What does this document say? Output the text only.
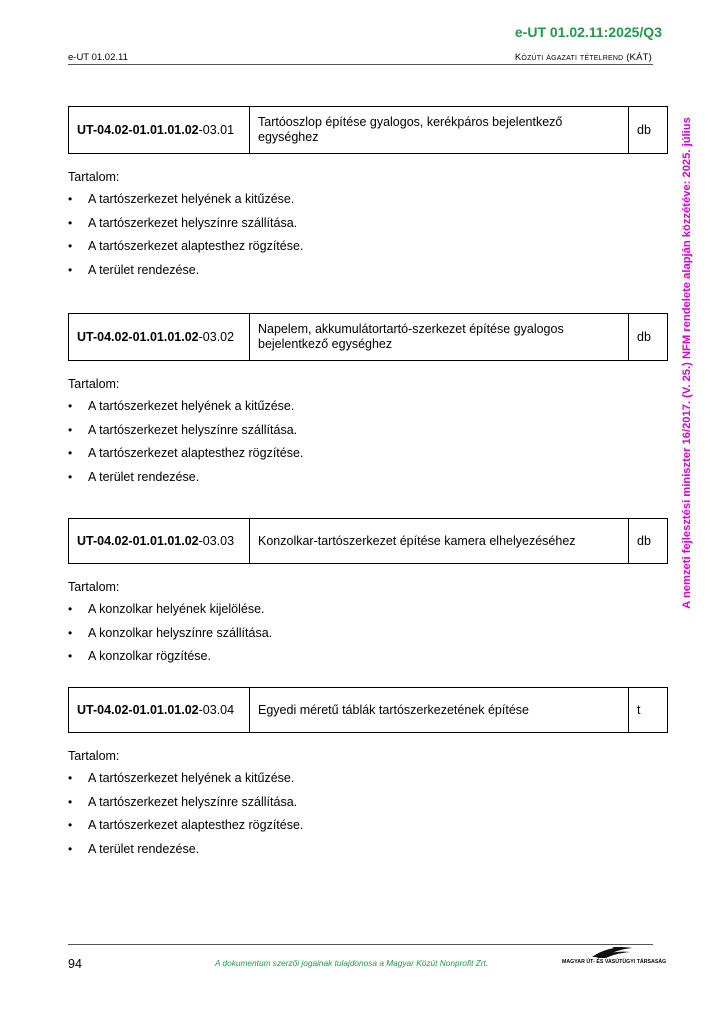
e-UT 01.02.11:2025/Q3
e-UT 01.02.11	Közúti ágazati tételrend (KÁT)
A nemzeti fejlesztési miniszter 16/2017. (V. 25.) NFM rendelete alapján közzétéve: 2025. július
UT-04.02-01.01.01.02-03.01	Tartóoszlop építése gyalogos, kerékpáros bejelentkező egységhez	db
Tartalom:
• A tartószerkezet helyének a kitűzése.
• A tartószerkezet helyszínre szállítása.
• A tartószerkezet alaptesthez rögzítése.
• A terület rendezése.
UT-04.02-01.01.01.02-03.02	Napelem, akkumulátortartó-szerkezet építése gyalogos bejelentkező egységhez	db
Tartalom:
• A tartószerkezet helyének a kitűzése.
• A tartószerkezet helyszínre szállítása.
• A tartószerkezet alaptesthez rögzítése.
• A terület rendezése.
UT-04.02-01.01.01.02-03.03	Konzolkar-tartószerkezet építése kamera elhelyezéséhez	db
Tartalom:
• A konzolkar helyének kijelölése.
• A konzolkar helyszínre szállítása.
• A konzolkar rögzítése.
UT-04.02-01.01.01.02-03.04	Egyedi méretű táblák tartószerkezetének építése	t
Tartalom:
• A tartószerkezet helyének a kitűzése.
• A tartószerkezet helyszínre szállítása.
• A tartószerkezet alaptesthez rögzítése.
• A terület rendezése.
94	A dokumentum szerzői jogainak tulajdonosa a Magyar Közút Nonprofit Zrt.	MAGYAR ÚT- ÉS VASÚTÜGYI TÁRSASÁG
